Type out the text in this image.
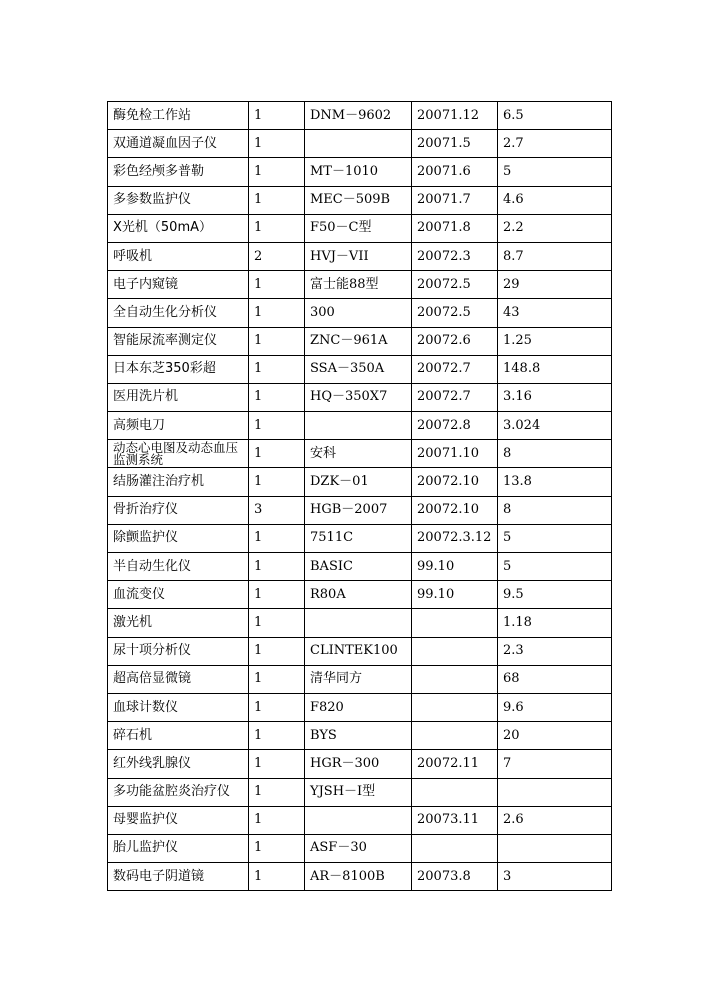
酶免检工作站	1	DNM－9602	20071.12	6.5
双通道凝血因子仪	1		20071.5	2.7
彩色经颅多普勒	1	MT－1010	20071.6	5
多参数监护仪	1	MEC－509B	20071.7	4.6
X光机（50mA）	1	F50－C型	20071.8	2.2
呼吸机	2	HVJ－VII	20072.3	8.7
电子内窥镜	1	富士能88型	20072.5	29
全自动生化分析仪	1	300	20072.5	43
智能尿流率测定仪	1	ZNC－961A	20072.6	1.25
日本东芝350彩超	1	SSA－350A	20072.7	148.8
医用洗片机	1	HQ－350X7	20072.7	3.16
高频电刀	1		20072.8	3.024
动态心电图及动态血压监测系统	1	安科	20071.10	8
结肠灌注治疗机	1	DZK－01	20072.10	13.8
骨折治疗仪	3	HGB－2007	20072.10	8
除颤监护仪	1	7511C	20072.3.12	5
半自动生化仪	1	BASIC	99.10	5
血流变仪	1	R80A	99.10	9.5
激光机	1			1.18
尿十项分析仪	1	CLINTEK100		2.3
超高倍显微镜	1	清华同方		68
血球计数仪	1	F820		9.6
碎石机	1	BYS		20
红外线乳腺仪	1	HGR－300	20072.11	7
多功能盆腔炎治疗仪	1	YJSH－I型		
母婴监护仪	1		20073.11	2.6
胎儿监护仪	1	ASF－30		
数码电子阴道镜	1	AR－8100B	20073.8	3
